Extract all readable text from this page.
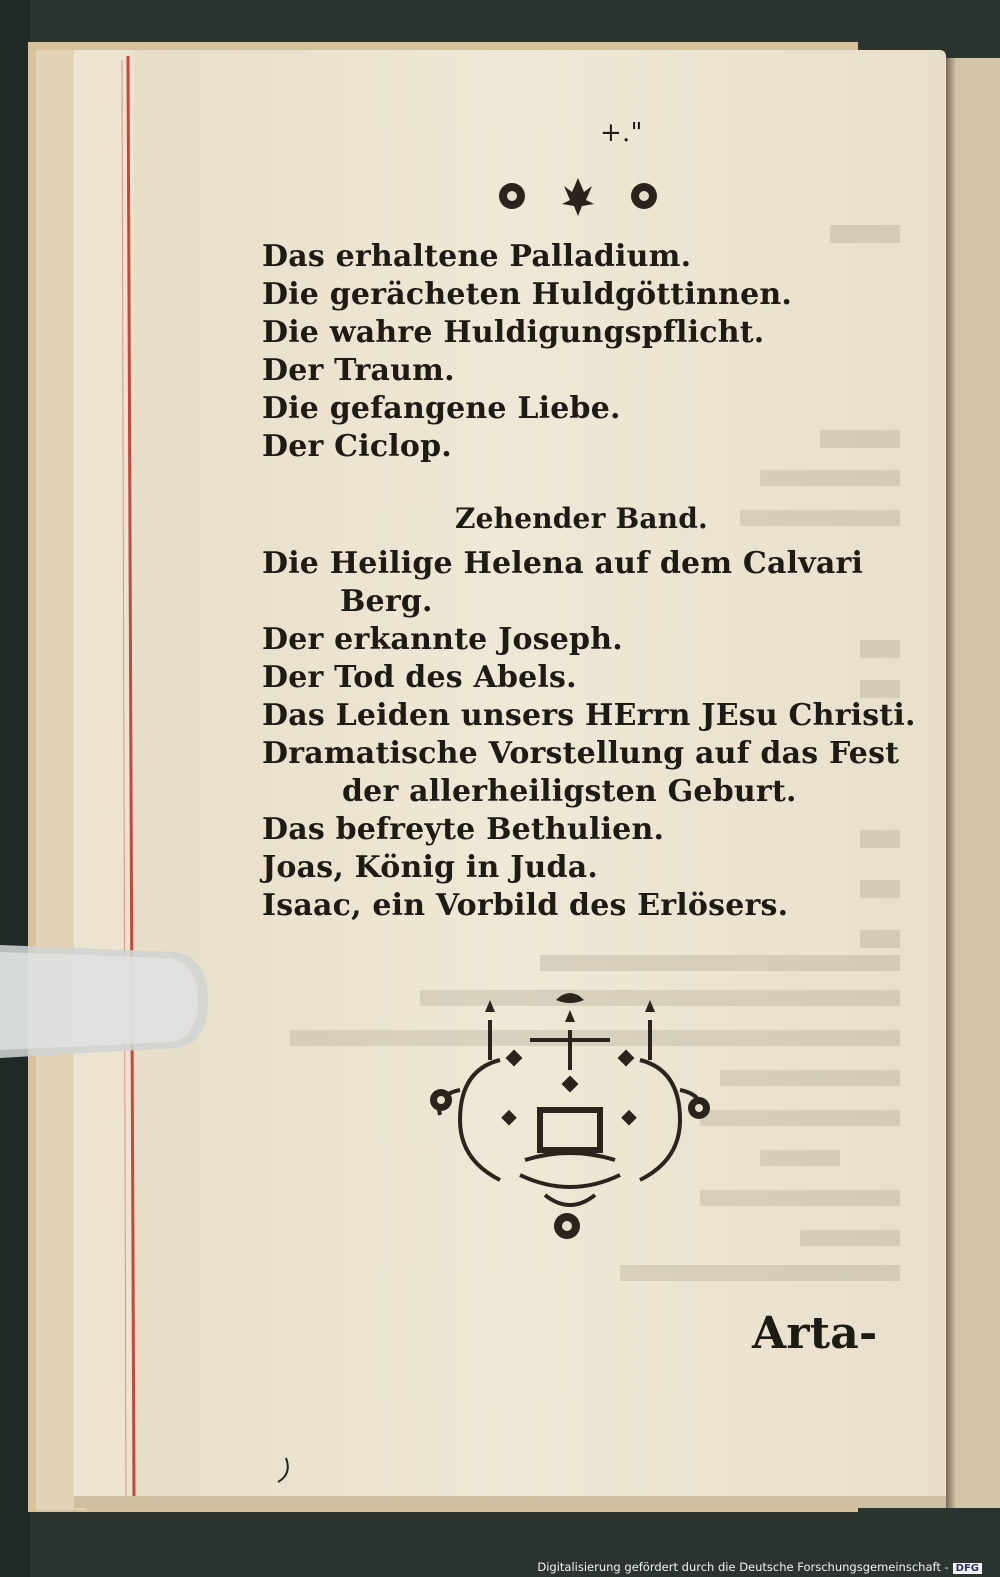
+."
Das erhaltene Palladium.
Die gerächeten Huldgöttinnen.
Die wahre Huldigungspflicht.
Der Traum.
Die gefangene Liebe.
Der Ciclop.
Zehender Band.
Die Heilige Helena auf dem Calvari
Berg.
Der erkannte Joseph.
Der Tod des Abels.
Das Leiden unsers HErrn JEsu Christi.
Dramatische Vorstellung auf das Fest
der allerheiligsten Geburt.
Das befreyte Bethulien.
Joas, König in Juda.
Isaac, ein Vorbild des Erlösers.
Arta-
Digitalisierung gefördert durch die Deutsche Forschungsgemeinschaft - DFG
